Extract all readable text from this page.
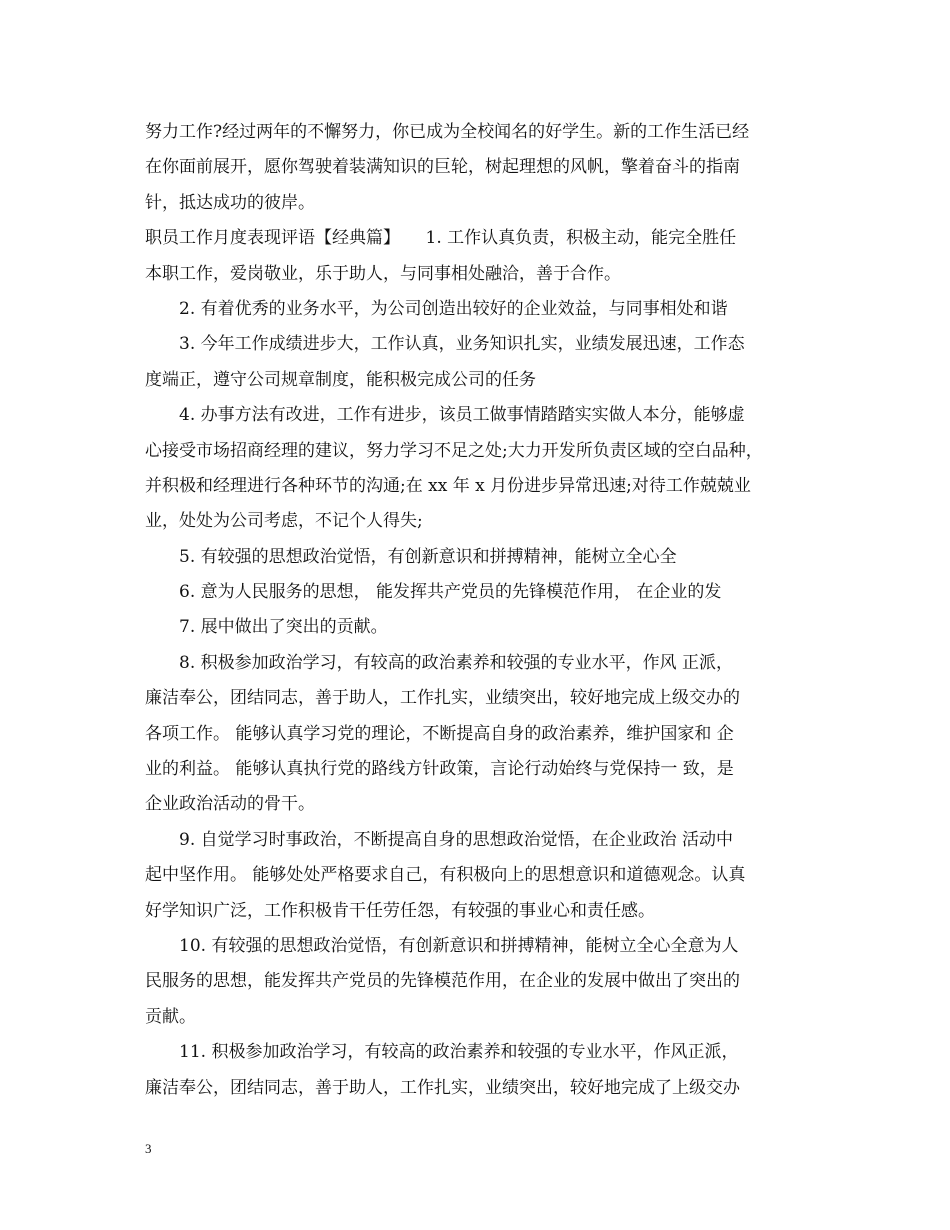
努力工作?经过两年的不懈努力，你已成为全校闻名的好学生。新的工作生活已经
在你面前展开，愿你驾驶着装满知识的巨轮，树起理想的风帆，擎着奋斗的指南
针，抵达成功的彼岸。
职员工作月度表现评语【经典篇】　　1. 工作认真负责，积极主动，能完全胜任
本职工作，爱岗敬业，乐于助人，与同事相处融洽，善于合作。
2. 有着优秀的业务水平，为公司创造出较好的企业效益，与同事相处和谐
3. 今年工作成绩进步大，工作认真，业务知识扎实，业绩发展迅速，工作态
度端正，遵守公司规章制度，能积极完成公司的任务
4. 办事方法有改进，工作有进步，该员工做事情踏踏实实做人本分，能够虚
心接受市场招商经理的建议，努力学习不足之处;大力开发所负责区域的空白品种，
并积极和经理进行各种环节的沟通;在 xx 年 x 月份进步异常迅速;对待工作兢兢业
业，处处为公司考虑，不记个人得失;
5. 有较强的思想政治觉悟，有创新意识和拼搏精神，能树立全心全
6. 意为人民服务的思想， 能发挥共产党员的先锋模范作用， 在企业的发
7. 展中做出了突出的贡献。
8. 积极参加政治学习，有较高的政治素养和较强的专业水平，作风 正派，
廉洁奉公，团结同志，善于助人，工作扎实，业绩突出，较好地完成上级交办的
各项工作。 能够认真学习党的理论，不断提高自身的政治素养，维护国家和 企
业的利益。 能够认真执行党的路线方针政策，言论行动始终与党保持一 致，是
企业政治活动的骨干。
9. 自觉学习时事政治，不断提高自身的思想政治觉悟，在企业政治 活动中
起中坚作用。 能够处处严格要求自己，有积极向上的思想意识和道德观念。认真
好学知识广泛，工作积极肯干任劳任怨，有较强的事业心和责任感。
10. 有较强的思想政治觉悟，有创新意识和拼搏精神，能树立全心全意为人
民服务的思想，能发挥共产党员的先锋模范作用，在企业的发展中做出了突出的
贡献。
11. 积极参加政治学习，有较高的政治素养和较强的专业水平，作风正派，
廉洁奉公，团结同志，善于助人，工作扎实，业绩突出，较好地完成了上级交办
3
